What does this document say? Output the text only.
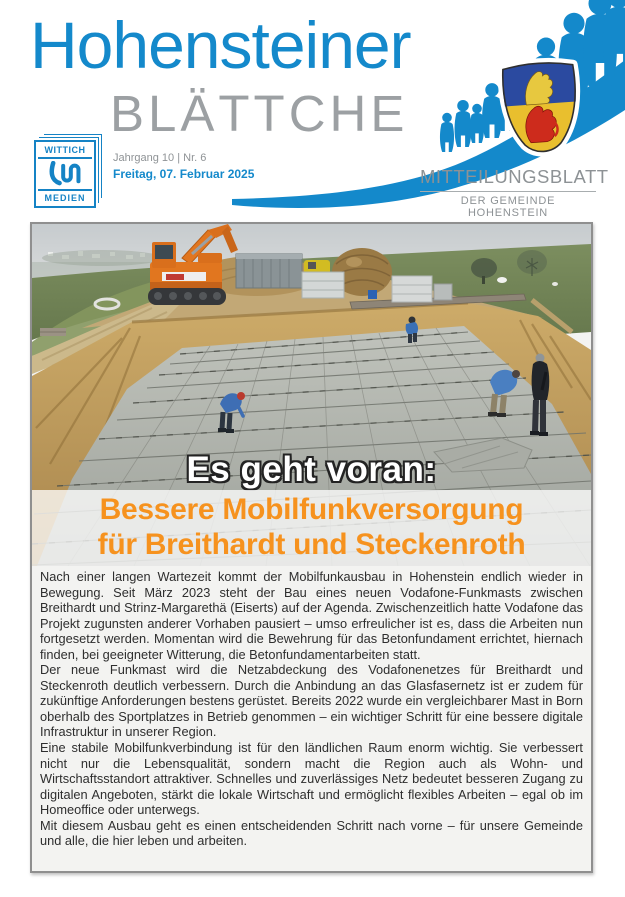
Hohensteiner
BLÄTTCHE
WITTICH
MEDIEN
Jahrgang 10 | Nr. 6
Freitag, 07. Februar 2025	MITTEILUNGSBLATT
DER GEMEINDE HOHENSTEIN
Es geht voran:
Bessere Mobilfunkversorgung
für Breithardt und Steckenroth

Nach einer langen Wartezeit kommt der Mobilfunkausbau in Hohenstein endlich wieder in Bewegung. Seit März 2023 steht der Bau eines neuen Vodafone-Funkmasts zwischen Breithardt und Strinz-Margarethä (Eiserts) auf der Agenda. Zwischenzeitlich hatte Vodafone das Projekt zugunsten anderer Vorhaben pausiert – umso erfreulicher ist es, dass die Arbeiten nun fortgesetzt werden. Momentan wird die Bewehrung für das Betonfundament errichtet, hiernach finden, bei geeigneter Witterung, die Betonfundamentarbeiten statt.

Der neue Funkmast wird die Netzabdeckung des Vodafonenetzes für Breithardt und Steckenroth deutlich verbessern. Durch die Anbindung an das Glasfasernetz ist er zudem für zukünftige Anforderungen bestens gerüstet. Bereits 2022 wurde ein vergleichbarer Mast in Born oberhalb des Sportplatzes in Betrieb genommen – ein wichtiger Schritt für eine bessere digitale Infrastruktur in unserer Region.

Eine stabile Mobilfunkverbindung ist für den ländlichen Raum enorm wichtig. Sie verbessert nicht nur die Lebensqualität, sondern macht die Region auch als Wohn- und Wirtschaftsstandort attraktiver. Schnelles und zuverlässiges Netz bedeutet besseren Zugang zu digitalen Angeboten, stärkt die lokale Wirtschaft und ermöglicht flexibles Arbeiten – egal ob im Homeoffice oder unterwegs.

Mit diesem Ausbau geht es einen entscheidenden Schritt nach vorne – für unsere Gemeinde und alle, die hier leben und arbeiten.
